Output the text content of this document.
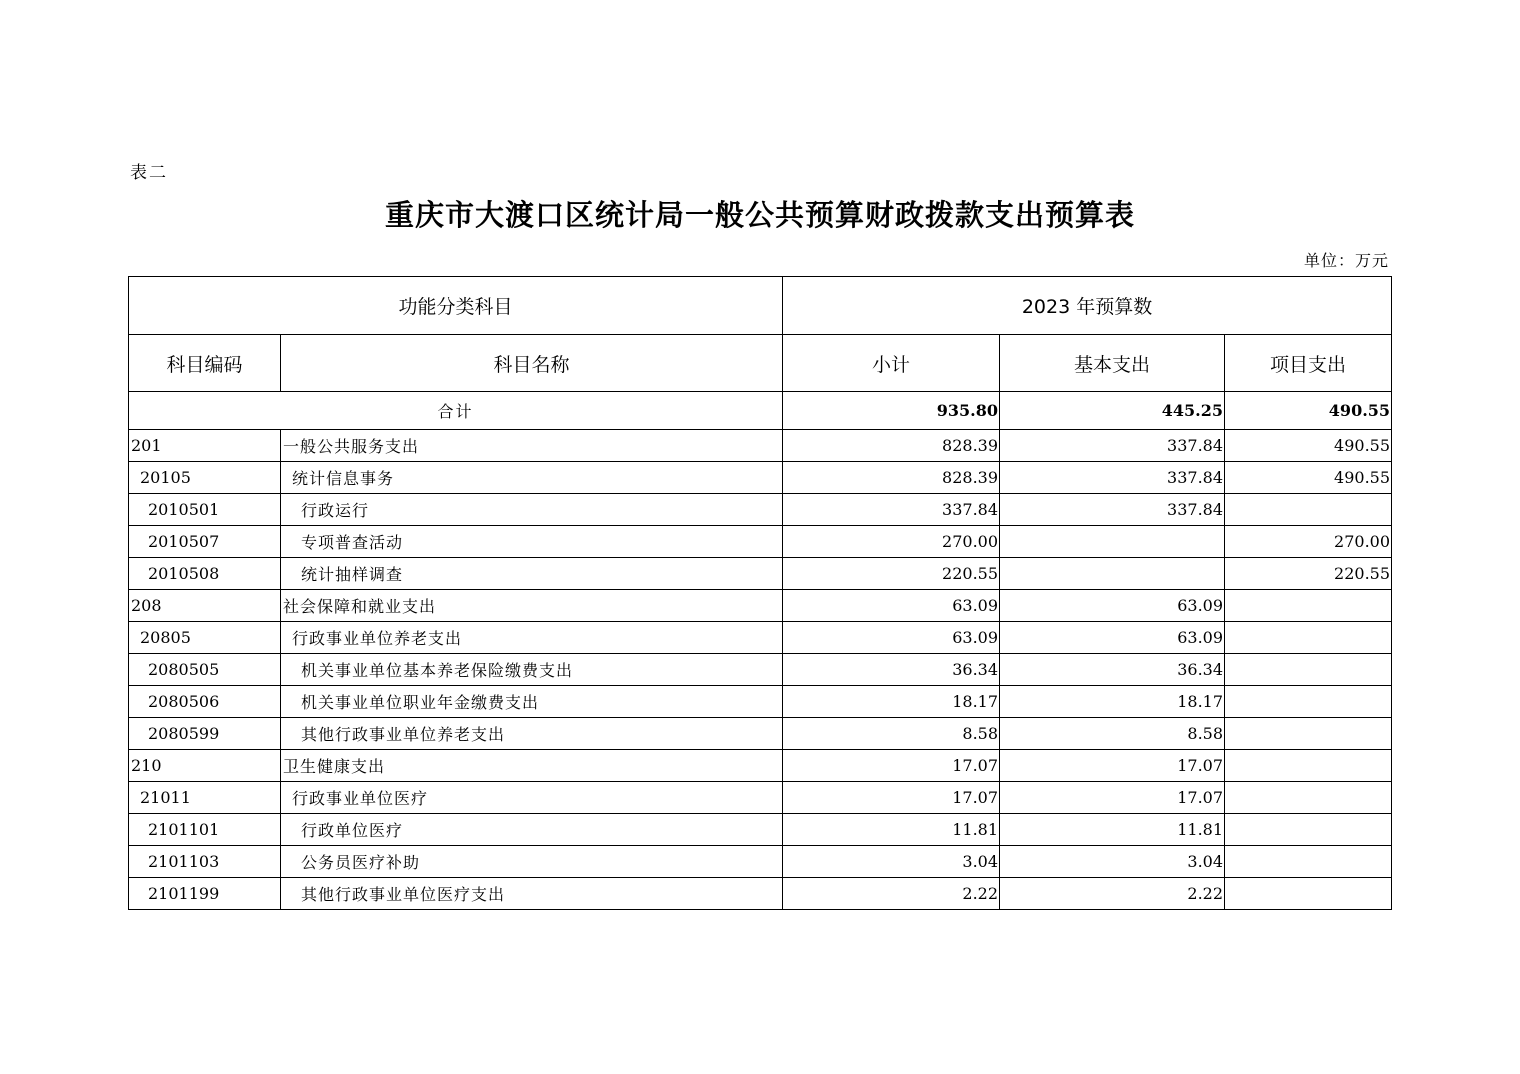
表二
重庆市大渡口区统计局一般公共预算财政拨款支出预算表
单位：万元
功能分类科目		2023 年预算数		
科目编码	科目名称	小计	基本支出	项目支出
合计		935.80	445.25	490.55
201	一般公共服务支出	828.39	337.84	490.55
20105	统计信息事务	828.39	337.84	490.55
2010501	行政运行	337.84	337.84	
2010507	专项普查活动	270.00		270.00
2010508	统计抽样调查	220.55		220.55
208	社会保障和就业支出	63.09	63.09	
20805	行政事业单位养老支出	63.09	63.09	
2080505	机关事业单位基本养老保险缴费支出	36.34	36.34	
2080506	机关事业单位职业年金缴费支出	18.17	18.17	
2080599	其他行政事业单位养老支出	8.58	8.58	
210	卫生健康支出	17.07	17.07	
21011	行政事业单位医疗	17.07	17.07	
2101101	行政单位医疗	11.81	11.81	
2101103	公务员医疗补助	3.04	3.04	
2101199	其他行政事业单位医疗支出	2.22	2.22	
